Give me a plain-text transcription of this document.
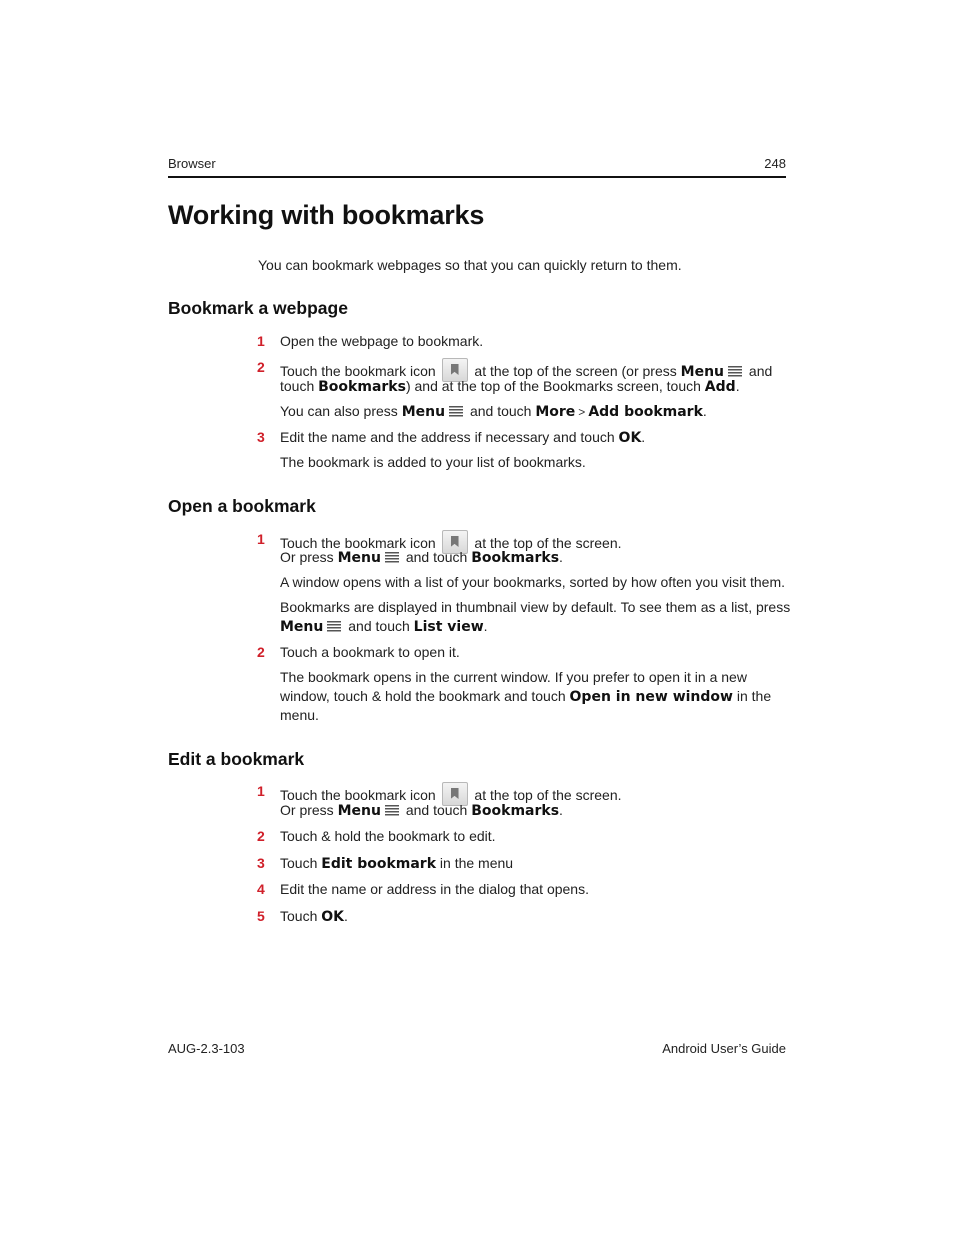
Browser	248
Working with bookmarks
You can bookmark webpages so that you can quickly return to them.
Bookmark a webpage
1 Open the webpage to bookmark.
2 Touch the bookmark icon	at the top of the screen (or press Menu and
touch Bookmarks) and at the top of the Bookmarks screen, touch Add.
You can also press Menu and touch More > Add bookmark.
3 Edit the name and the address if necessary and touch OK.
The bookmark is added to your list of bookmarks.
Open a bookmark
1 Touch the bookmark icon	at the top of the screen.
Or press Menu and touch Bookmarks.
A window opens with a list of your bookmarks, sorted by how often you visit them.
Bookmarks are displayed in thumbnail view by default. To see them as a list, press
Menu and touch List view.
2 Touch a bookmark to open it.
The bookmark opens in the current window. If you prefer to open it in a new
window, touch & hold the bookmark and touch Open in new window in the
menu.
Edit a bookmark
1 Touch the bookmark icon	at the top of the screen.
Or press Menu and touch Bookmarks.
2 Touch & hold the bookmark to edit.
3 Touch Edit bookmark in the menu
4 Edit the name or address in the dialog that opens.
5 Touch OK.
AUG-2.3-103	Android User’s Guide
